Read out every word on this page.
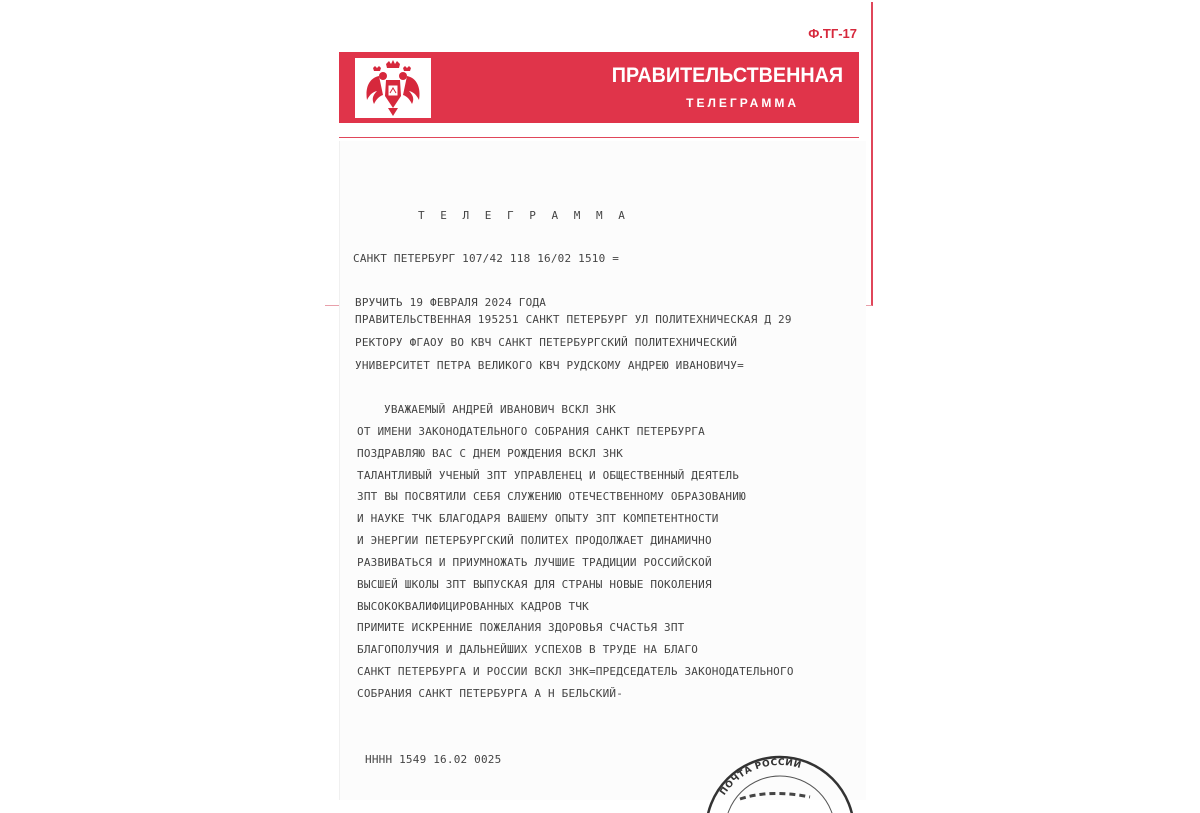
Ф.ТГ-17
ПРАВИТЕЛЬСТВЕННАЯ
ТЕЛЕГРАММА
Т Е Л Е Г Р А М М А
САНКТ ПЕТЕРБУРГ 107/42 118 16/02 1510 =
ВРУЧИТЬ 19 ФЕВРАЛЯ 2024 ГОДА
ПРАВИТЕЛЬСТВЕННАЯ 195251 САНКТ ПЕТЕРБУРГ УЛ ПОЛИТЕХНИЧЕСКАЯ Д 29
РЕКТОРУ ФГАОУ ВО КВЧ САНКТ ПЕТЕРБУРГСКИЙ ПОЛИТЕХНИЧЕСКИЙ
УНИВЕРСИТЕТ ПЕТРА ВЕЛИКОГО КВЧ РУДСКОМУ АНДРЕЮ ИВАНОВИЧУ=
УВАЖАЕМЫЙ АНДРЕЙ ИВАНОВИЧ ВСКЛ ЗНК
ОТ ИМЕНИ ЗАКОНОДАТЕЛЬНОГО СОБРАНИЯ САНКТ ПЕТЕРБУРГА
ПОЗДРАВЛЯЮ ВАС С ДНЕМ РОЖДЕНИЯ ВСКЛ ЗНК
ТАЛАНТЛИВЫЙ УЧЕНЫЙ ЗПТ УПРАВЛЕНЕЦ И ОБЩЕСТВЕННЫЙ ДЕЯТЕЛЬ
ЗПТ ВЫ ПОСВЯТИЛИ СЕБЯ СЛУЖЕНИЮ ОТЕЧЕСТВЕННОМУ ОБРАЗОВАНИЮ
И НАУКЕ ТЧК БЛАГОДАРЯ ВАШЕМУ ОПЫТУ ЗПТ КОМПЕТЕНТНОСТИ
И ЭНЕРГИИ ПЕТЕРБУРГСКИЙ ПОЛИТЕХ ПРОДОЛЖАЕТ ДИНАМИЧНО
РАЗВИВАТЬСЯ И ПРИУМНОЖАТЬ ЛУЧШИЕ ТРАДИЦИИ РОССИЙСКОЙ
ВЫСШЕЙ ШКОЛЫ ЗПТ ВЫПУСКАЯ ДЛЯ СТРАНЫ НОВЫЕ ПОКОЛЕНИЯ
ВЫСОКОКВАЛИФИЦИРОВАННЫХ КАДРОВ ТЧК
ПРИМИТЕ ИСКРЕННИЕ ПОЖЕЛАНИЯ ЗДОРОВЬЯ СЧАСТЬЯ ЗПТ
БЛАГОПОЛУЧИЯ И ДАЛЬНЕЙШИХ УСПЕХОВ В ТРУДЕ НА БЛАГО
САНКТ ПЕТЕРБУРГА И РОССИИ ВСКЛ ЗНК=ПРЕДСЕДАТЕЛЬ ЗАКОНОДАТЕЛЬНОГО
СОБРАНИЯ САНКТ ПЕТЕРБУРГА А Н БЕЛЬСКИЙ-
НННН 1549 16.02 0025
ПОЧТА РОССИИ
